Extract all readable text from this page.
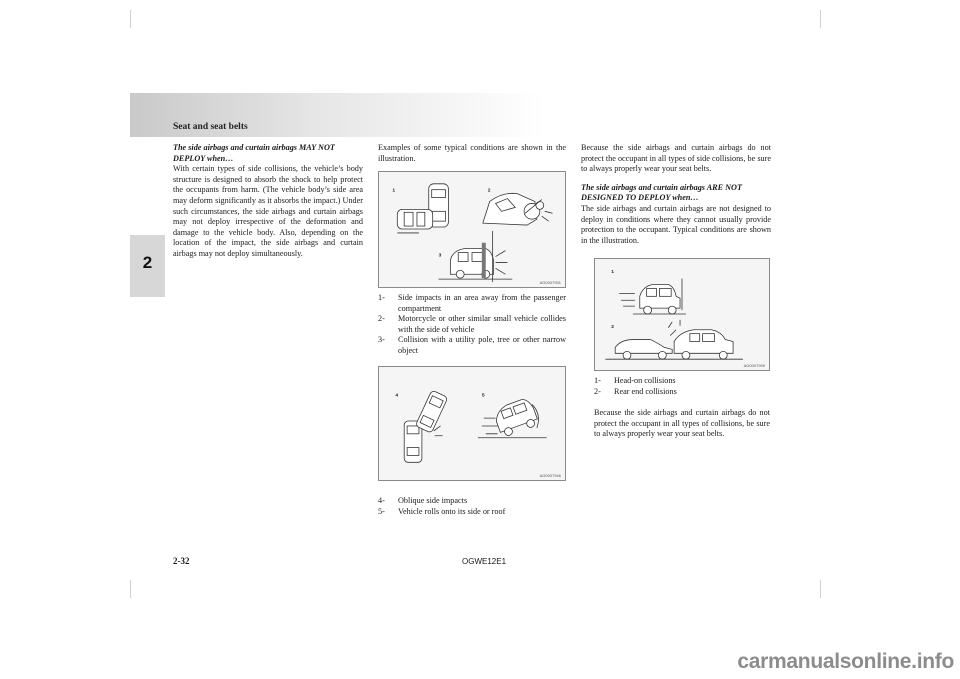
Seat and seat belts
2
The side airbags and curtain airbags MAY NOT DEPLOY when…
With certain types of side collisions, the vehicle’s body structure is designed to absorb the shock to help protect the occupants from harm. (The vehicle body’s side area may deform significantly as it absorbs the impact.) Under such circumstances, the side airbags and curtain airbags may not deploy irrespective of the deformation and damage to the vehicle body. Also, depending on the location of the impact, the side airbags and curtain airbags may not deploy simultaneously.
Examples of some typical conditions are shown in the illustration.
1	2
3
AG0007931
1-	Side impacts in an area away from the passenger compartment
2-	Motorcycle or other similar small vehicle collides with the side of vehicle
3-	Collision with a utility pole, tree or other narrow object
4	5
AG0007946
4-	Oblique side impacts
5-	Vehicle rolls onto its side or roof

Because the side airbags and curtain airbags do not protect the occupant in all types of side collisions, be sure to always properly wear your seat belts.

The side airbags and curtain airbags ARE NOT DESIGNED TO DEPLOY when…
The side airbags and curtain airbags are not designed to deploy in conditions where they cannot usually provide protection to the occupant. Typical conditions are shown in the illustration.
1
2
AG0007939
1-	Head-on collisions
2-	Rear end collisions
Because the side airbags and curtain airbags do not protect the occupant in all types of collisions, be sure to always properly wear your seat belts.
2-32	OGWE12E1
carmanualsonline.info
